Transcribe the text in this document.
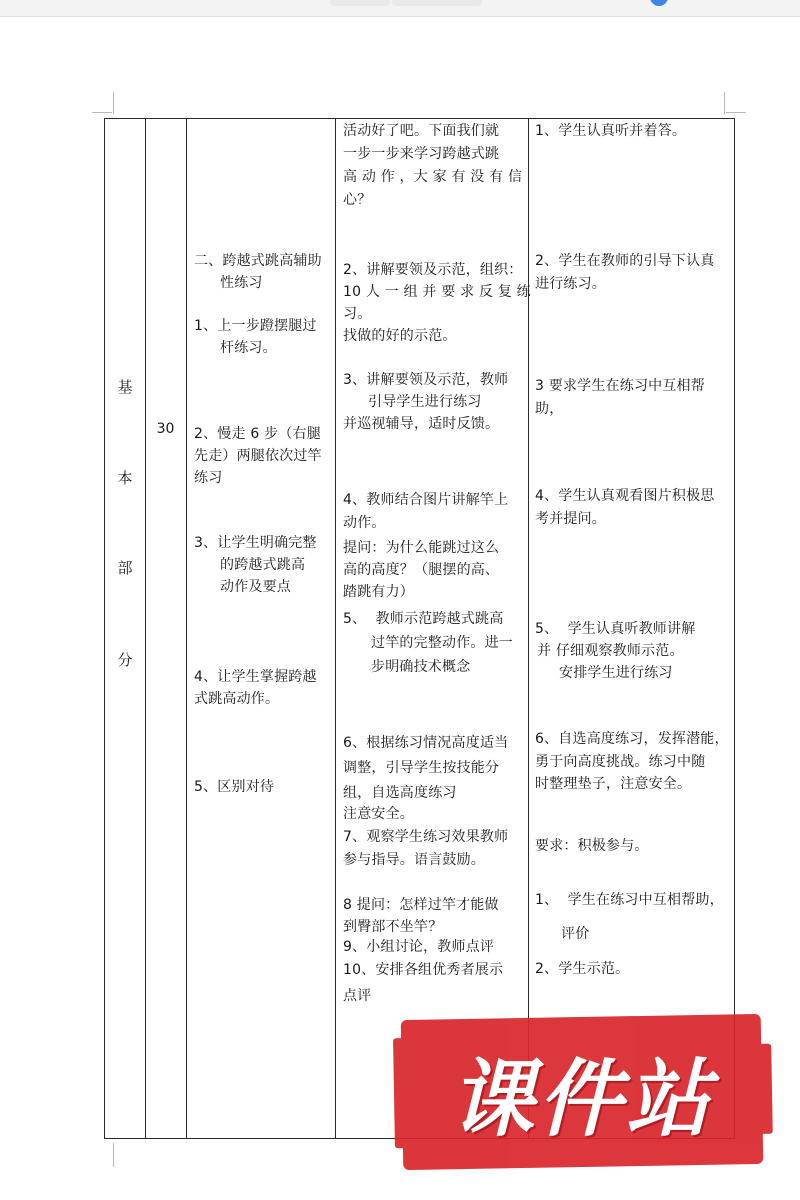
基
本
部
分
30
二、跨越式跳高辅助
性练习
1、上一步蹬摆腿过
杆练习。
2、慢走 6 步（右腿
先走）两腿依次过竿
练习
3、让学生明确完整
的跨越式跳高
动作及要点
4、让学生掌握跨越
式跳高动作。
5、区别对待
活动好了吧。下面我们就
一步一步来学习跨越式跳
高 动 作 ，大 家 有 没 有 信
心？
2、讲解要领及示范，组织：
10 人 一 组 并 要 求 反 复 练
习。
找做的好的示范。
3、讲解要领及示范，教师
引导学生进行练习
并巡视辅导，适时反馈。
4、教师结合图片讲解竿上
动作。
提问：为什么能跳过这么
高的高度？（腿摆的高、
踏跳有力）
5、  教师示范跨越式跳高
过竿的完整动作。进一
步明确技术概念
6、根据练习情况高度适当
调整，引导学生按技能分
组，自选高度练习
注意安全。
7、观察学生练习效果教师
参与指导。语言鼓励。
8 提问：怎样过竿才能做
到臀部不坐竿？
9、小组讨论，教师点评
10、安排各组优秀者展示
点评
1、学生认真听并着答。
2、学生在教师的引导下认真
进行练习。
3 要求学生在练习中互相帮
助，
4、学生认真观看图片积极思
考并提问。
5、  学生认真听教师讲解
并 仔细观察教师示范。
安排学生进行练习
6、自选高度练习，发挥潜能，
勇于向高度挑战。练习中随
时整理垫子，注意安全。
要求：积极参与。
1、  学生在练习中互相帮助，
评价
2、学生示范。
课件站
